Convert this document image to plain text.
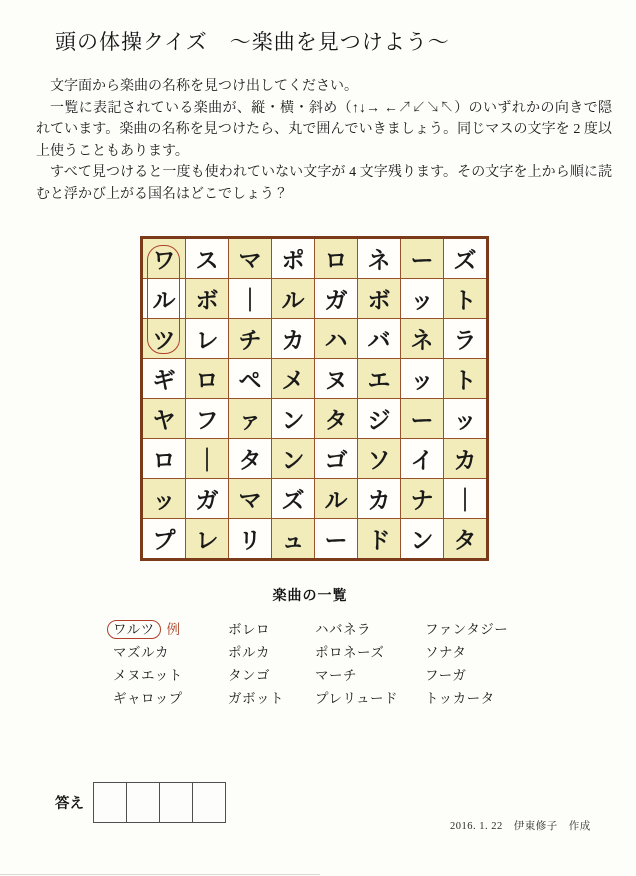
頭の体操クイズ　～楽曲を見つけよう～

文字面から楽曲の名称を見つけ出してください。

一覧に表記されている楽曲が、縦・横・斜め（↑↓→ ←↗↙↘↖）のいずれかの向きで隠れています。楽曲の名称を見つけたら、丸で囲んでいきましょう。同じマスの文字を 2 度以上使うこともあります。

すべて見つけると一度も使われていない文字が 4 文字残ります。その文字を上から順に読むと浮かび上がる国名はどこでしょう？

ワ	ス	マ	ポ	ロ	ネ	ー	ズ
ル	ボ	｜	ル	ガ	ボ	ッ	ト
ツ	レ	チ	カ	ハ	バ	ネ	ラ
ギ	ロ	ペ	メ	ヌ	エ	ッ	ト
ヤ	フ	ァ	ン	タ	ジ	ー	ッ
ロ	｜	タ	ン	ゴ	ソ	イ	カ
ッ	ガ	マ	ズ	ル	カ	ナ	｜
プ	レ	リ	ュ	ー	ド	ン	タ
楽曲の一覧
ワルツ 例
マズルカ
メヌエット
ギャロップ
ボレロ
ポルカ
タンゴ
ガボット
ハバネラ
ポロネーズ
マーチ
プレリュード
ファンタジー
ソナタ
フーガ
トッカータ
答え
2016. 1. 22　伊東修子　作成
